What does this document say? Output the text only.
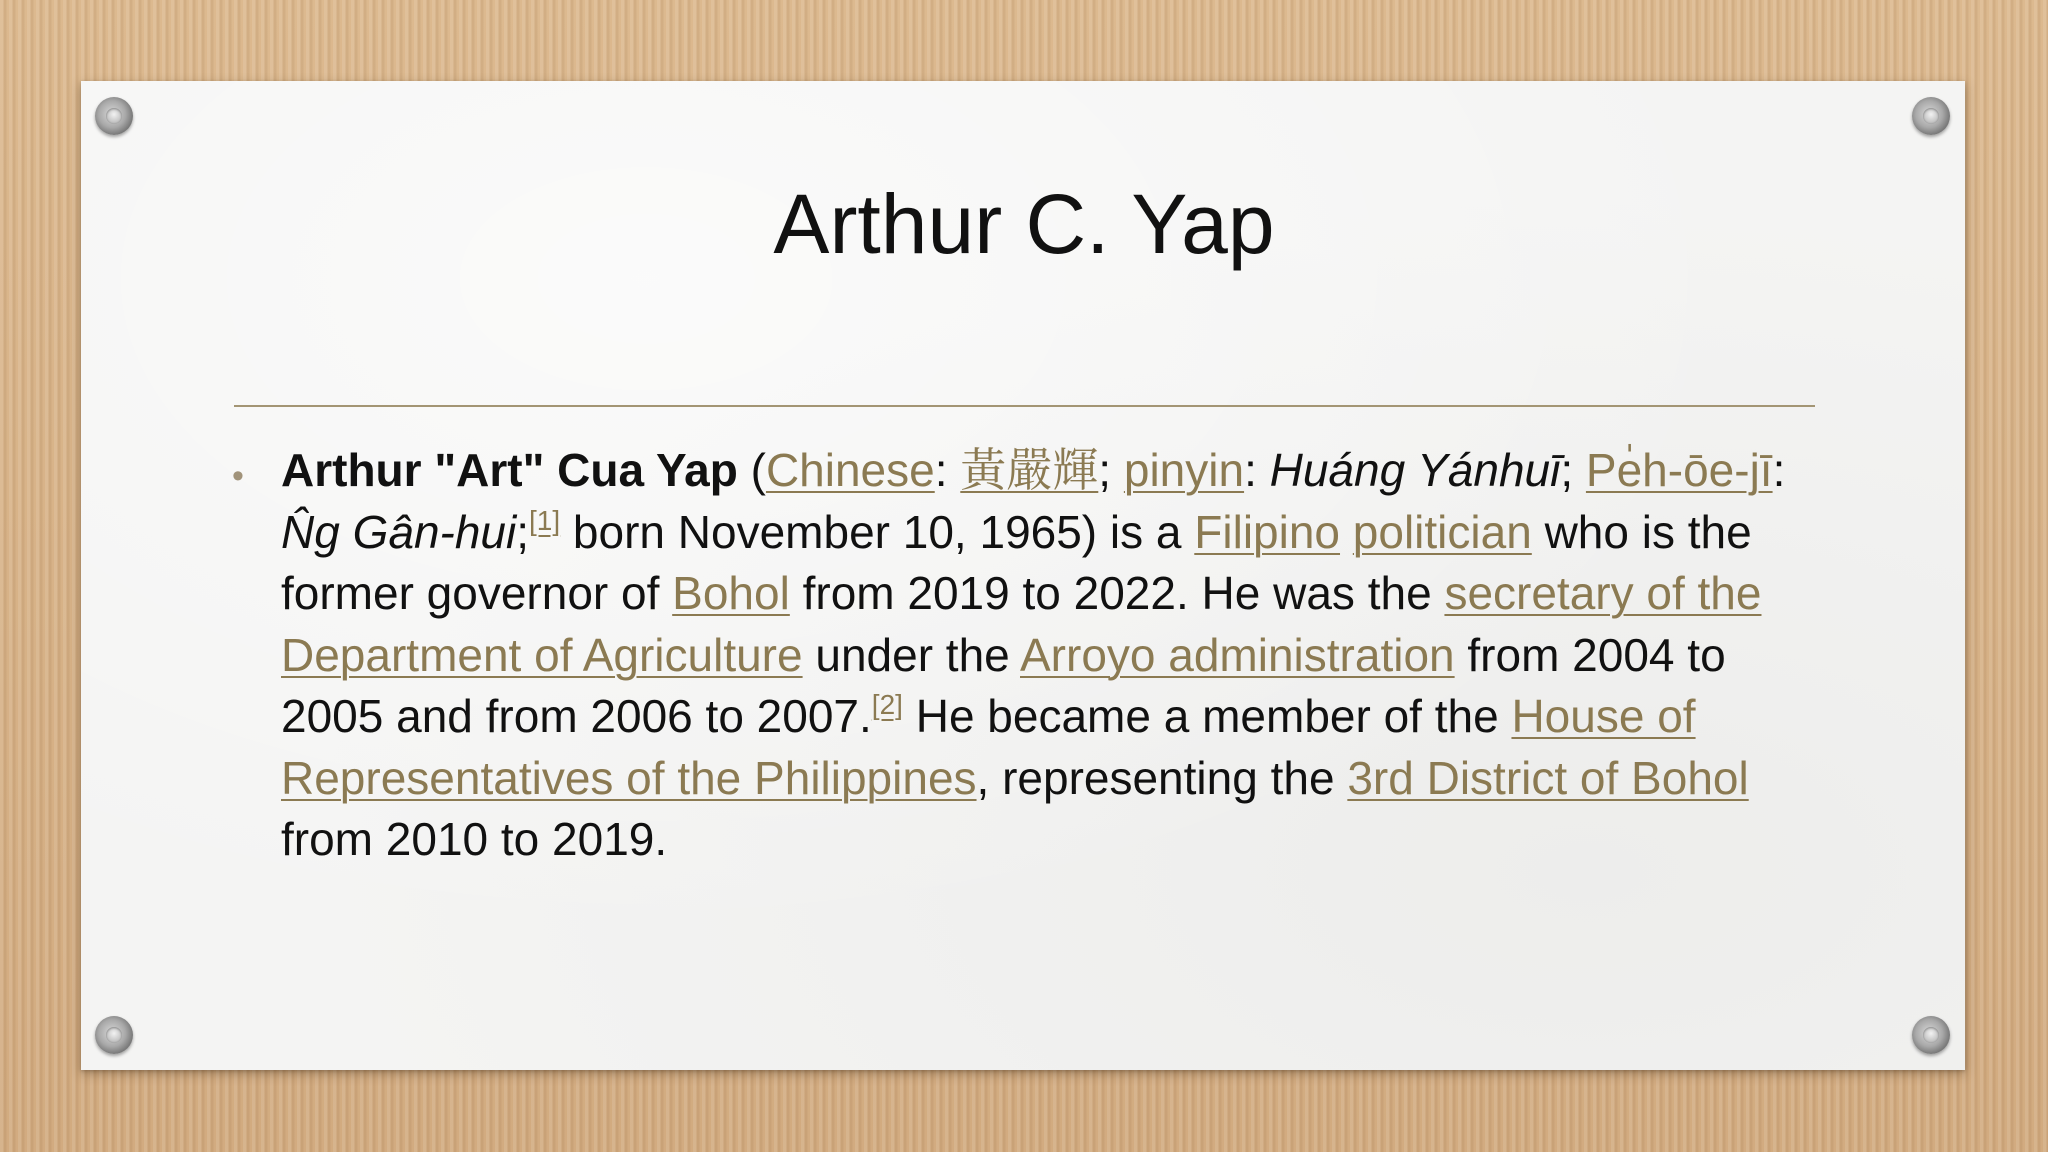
Arthur C. Yap
• Arthur "Art" Cua Yap (Chinese: 黃嚴輝; pinyin: Huáng Yánhuī; Pe̍h-ōe-jī: N̂g Gân-hui;[1] born November 10, 1965) is a Filipino politician who is the former governor of Bohol from 2019 to 2022. He was the secretary of the Department of Agriculture under the Arroyo administration from 2004 to 2005 and from 2006 to 2007.[2] He became a member of the House of Representatives of the Philippines, representing the 3rd District of Bohol from 2010 to 2019.
